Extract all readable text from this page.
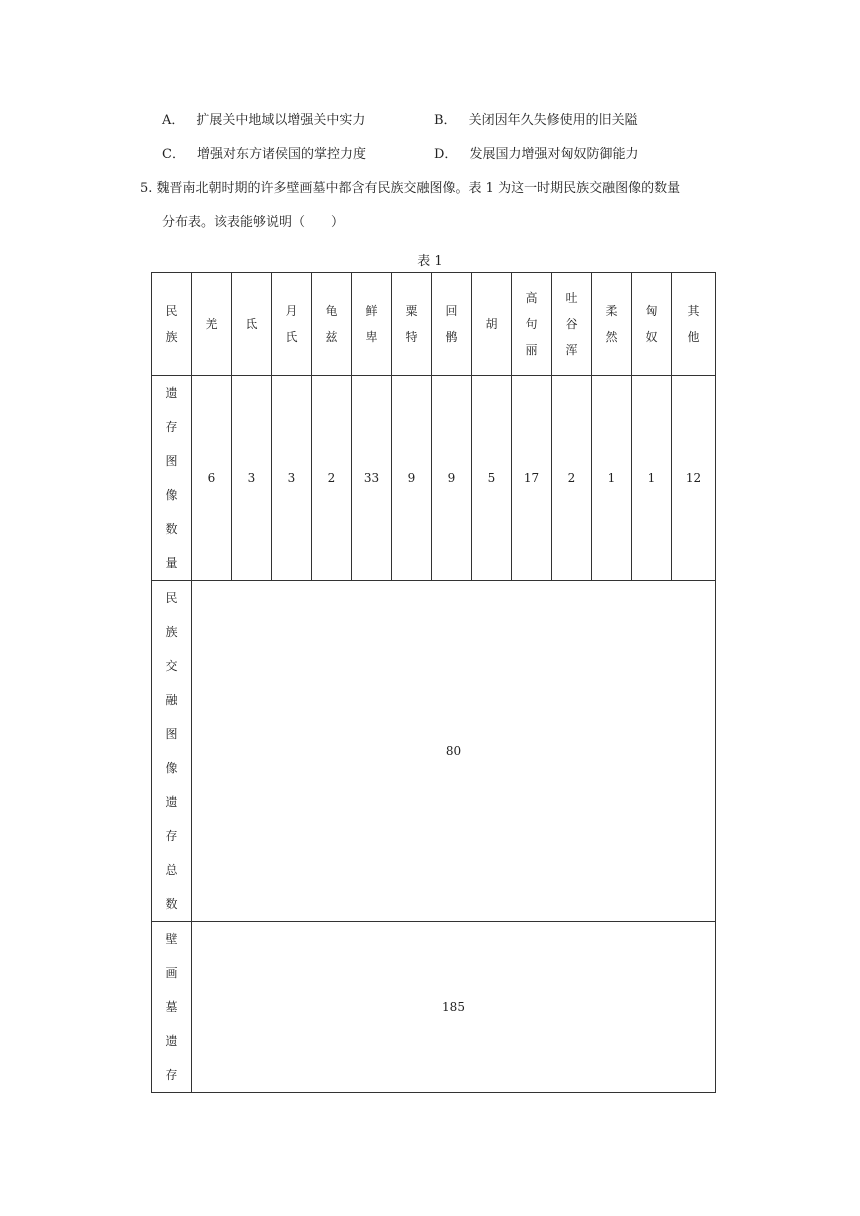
A． 扩展关中地域以增强关中实力	B． 关闭因年久失修使用的旧关隘
C． 增强对东方诸侯国的掌控力度	D． 发展国力增强对匈奴防御能力
5. 魏晋南北朝时期的许多壁画墓中都含有民族交融图像。表 1 为这一时期民族交融图像的数量
分布表。该表能够说明（　　）
表 1
民族	羌	氐	月氏	龟兹	鲜卑	粟特	回鹘	胡	高句丽	吐谷浑	柔然	匈奴	其他
遗存图像数量	6	3	3	2	33	9	9	5	17	2	1	1	12
民族交融图像遗存总数	80												
壁画墓遗存	185												
